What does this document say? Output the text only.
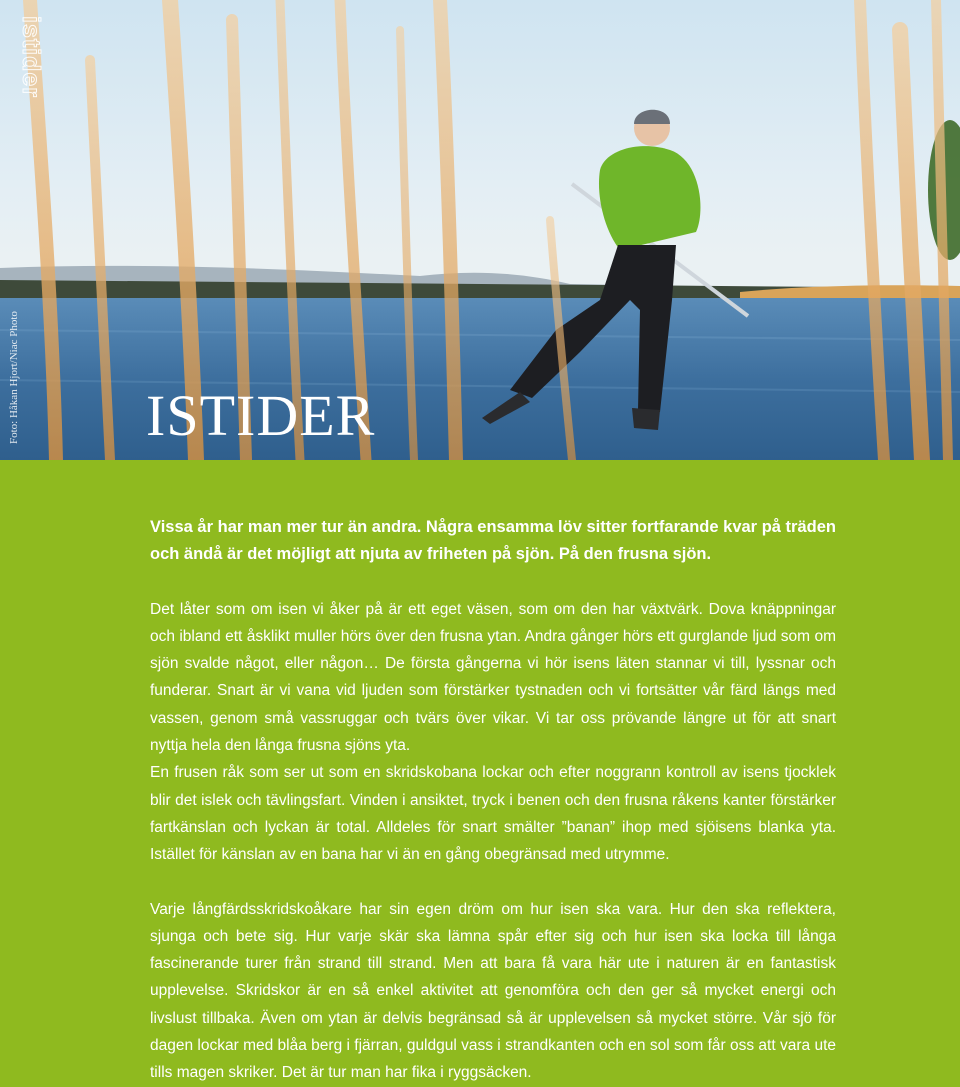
istider
Foto: Håkan Hjort/Niac Photo ISTIDER

Vissa år har man mer tur än andra. Några ensamma löv sitter fortfarande kvar på träden och ändå är det möjligt att njuta av friheten på sjön. På den frusna sjön.

Det låter som om isen vi åker på är ett eget väsen, som om den har växtvärk. Dova knäppningar och ibland ett åsklikt muller hörs över den frusna ytan. Andra gånger hörs ett gurglande ljud som om sjön svalde något, eller någon… De första gångerna vi hör isens läten stannar vi till, lyssnar och funderar. Snart är vi vana vid ljuden som förstärker tystnaden och vi fortsätter vår färd längs med vassen, genom små vassruggar och tvärs över vikar. Vi tar oss prövande längre ut för att snart nyttja hela den långa frusna sjöns yta.

En frusen råk som ser ut som en skridskobana lockar och efter noggrann kontroll av isens tjocklek blir det islek och tävlingsfart. Vinden i ansiktet, tryck i benen och den frusna råkens kanter förstärker fartkänslan och lyckan är total. Alldeles för snart smälter ”banan” ihop med sjöisens blanka yta. Istället för känslan av en bana har vi än en gång obegränsad med utrymme.

Varje långfärdsskridskoåkare har sin egen dröm om hur isen ska vara. Hur den ska reflektera, sjunga och bete sig. Hur varje skär ska lämna spår efter sig och hur isen ska locka till långa fascinerande turer från strand till strand. Men att bara få vara här ute i naturen är en fantastisk upplevelse. Skridskor är en så enkel aktivitet att genomföra och den ger så mycket energi och livslust tillbaka. Även om ytan är delvis begränsad så är upplevelsen så mycket större. Vår sjö för dagen lockar med blåa berg i fjärran, guldgul vass i strandkanten och en sol som får oss att vara ute tills magen skriker. Det är tur man har fika i ryggsäcken.
